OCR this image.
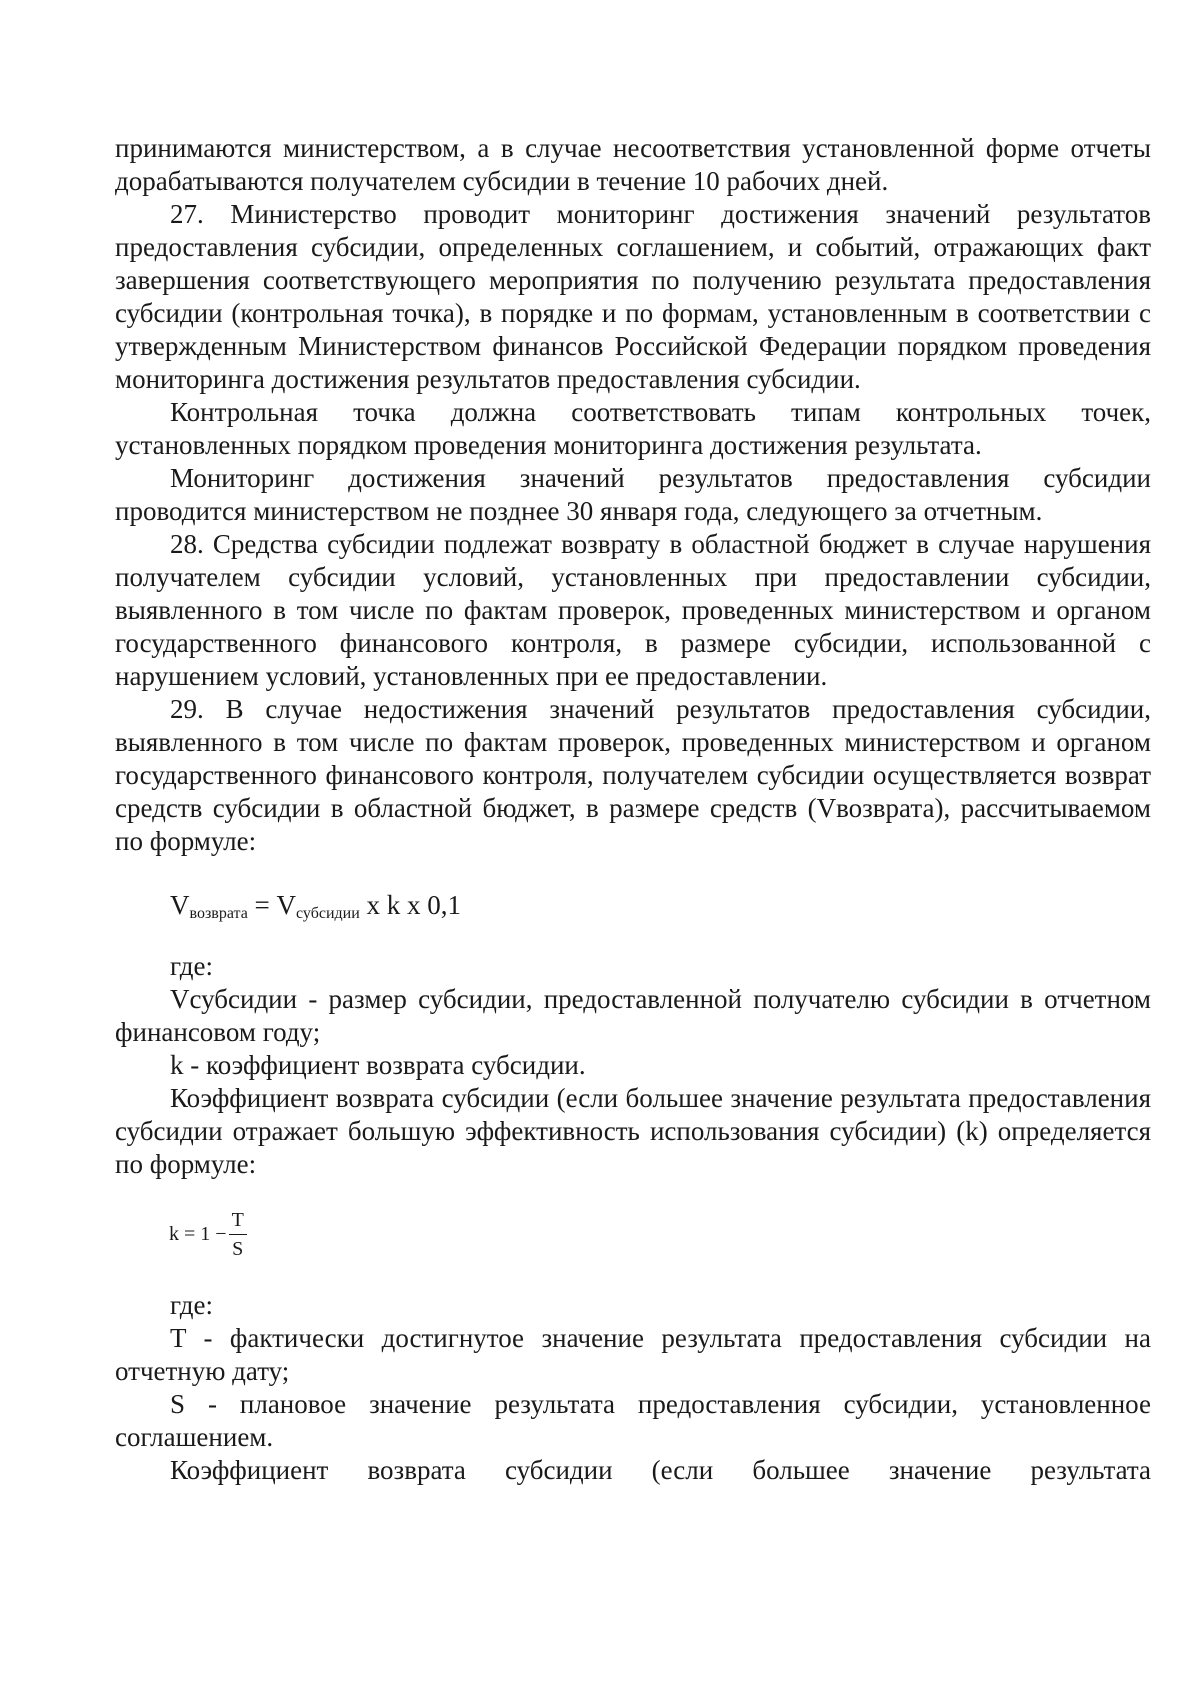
принимаются министерством, а в случае несоответствия установленной форме отчеты дорабатываются получателем субсидии в течение 10 рабочих дней.

27. Министерство проводит мониторинг достижения значений результатов предоставления субсидии, определенных соглашением, и событий, отражающих факт завершения соответствующего мероприятия по получению результата предоставления субсидии (контрольная точка), в порядке и по формам, установленным в соответствии с утвержденным Министерством финансов Российской Федерации порядком проведения мониторинга достижения результатов предоставления субсидии.

Контрольная точка должна соответствовать типам контрольных точек, установленных порядком проведения мониторинга достижения результата.

Мониторинг достижения значений результатов предоставления субсидии проводится министерством не позднее 30 января года, следующего за отчетным.

28. Средства субсидии подлежат возврату в областной бюджет в случае нарушения получателем субсидии условий, установленных при предоставлении субсидии, выявленного в том числе по фактам проверок, проведенных министерством и органом государственного финансового контроля, в размере субсидии, использованной с нарушением условий, установленных при ее предоставлении.

29. В случае недостижения значений результатов предоставления субсидии, выявленного в том числе по фактам проверок, проведенных министерством и органом государственного финансового контроля, получателем субсидии осуществляется возврат средств субсидии в областной бюджет, в размере средств (Vвозврата), рассчитываемом по формуле:

$V_{возврата} = V_{субсидии}$ x k x 0,1

где:

Vсубсидии - размер субсидии, предоставленной получателю субсидии в отчетном финансовом году;

k - коэффициент возврата субсидии.

Коэффициент возврата субсидии (если большее значение результата предоставления субсидии отражает большую эффективность использования субсидии) (k) определяется по формуле:

$k = 1 - \frac{T}{S}$

где:

T - фактически достигнутое значение результата предоставления субсидии на отчетную дату;

S - плановое значение результата предоставления субсидии, установленное соглашением.

Коэффициент возврата субсидии (если большее значение результата
